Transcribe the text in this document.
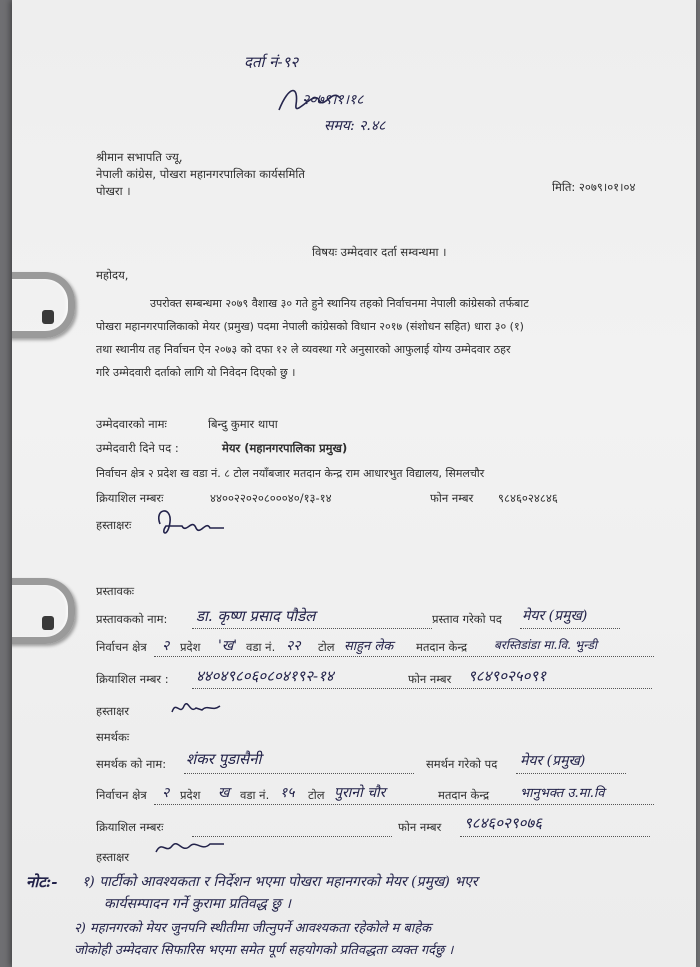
दर्ता नं-९२
२०७९।१।१८
समय: २.४८
श्रीमान सभापति ज्यू,
नेपाली कांग्रेस, पोखरा महानगरपालिका कार्यसमिति
पोखरा ।	मिति: २०७९।०१।०४
विषयः उम्मेदवार दर्ता सम्वन्धमा ।
महोदय,
उपरोक्त सम्बन्धमा २०७९ वैशाख ३० गते हुने स्थानिय तहको निर्वाचनमा नेपाली कांग्रेसको तर्फबाट
पोखरा महानगरपालिकाको मेयर (प्रमुख) पदमा नेपाली कांग्रेसको विधान २०१७ (संशोधन सहित) धारा ३० (१)
तथा स्थानीय तह निर्वाचन ऐन २०७३ को दफा १२ ले व्यवस्था गरे अनुसारको आफुलाई योग्य उम्मेदवार ठहर
गरि उम्मेदवारी दर्ताको लागि यो निवेदन दिएको छु ।
उम्मेदवारको नामः	बिन्दु कुमार थापा
उम्मेदवारी दिने पद :	मेयर (महानगरपालिका प्रमुख)
निर्वाचन क्षेत्र २ प्रदेश ख वडा नं. ८ टोल नयाँबजार मतदान केन्द्र राम आधारभुत विद्यालय, सिमलचौर
क्रियाशिल नम्बरः	४४००२२०२०८०००४०/१३-१४	फोन नम्बर ९८४६०२४८४६
हस्ताक्षरः
प्रस्तावकः
प्रस्तावकको नाम: डा. कृष्ण प्रसाद पौडेल	प्रस्ताव गरेको पद मेयर (प्रमुख)
निर्वाचन क्षेत्र २ प्रदेश 'ख' वडा नं. २२ टोल साहुन लेक मतदान केन्द्र बरस्तिडांडा मा.वि. भुन्डी
क्रियाशिल नम्बर : ४४०४९८०६०८०४१९२-१४	फोन नम्बर ९८४९०२५०९१
हस्ताक्षर
समर्थकः
समर्थक को नाम: शंकर पुडासैनी	समर्थन गरेको पद मेयर (प्रमुख)
निर्वाचन क्षेत्र २ प्रदेश ख वडा नं. १५ टोल पुरानो चौर	मतदान केन्द्र भानुभक्त उ.मा.वि
क्रियाशिल नम्बरः	फोन नम्बर ९८४६०२९०७६
हस्ताक्षर
नोट:- १) पार्टीको आवश्यकता र निर्देशन भएमा पोखरा महानगरको मेयर (प्रमुख) भएर
कार्यसम्पादन गर्ने कुरामा प्रतिवद्ध छु ।
२) महानगरको मेयर जुनपनि स्थीतीमा जीत्नुपर्ने आवश्यकता रहेकोले म बाहेक
जोकोही उम्मेदवार सिफारिस भएमा समेत पूर्ण सहयोगको प्रतिवद्धता व्यक्त गर्दछु ।
